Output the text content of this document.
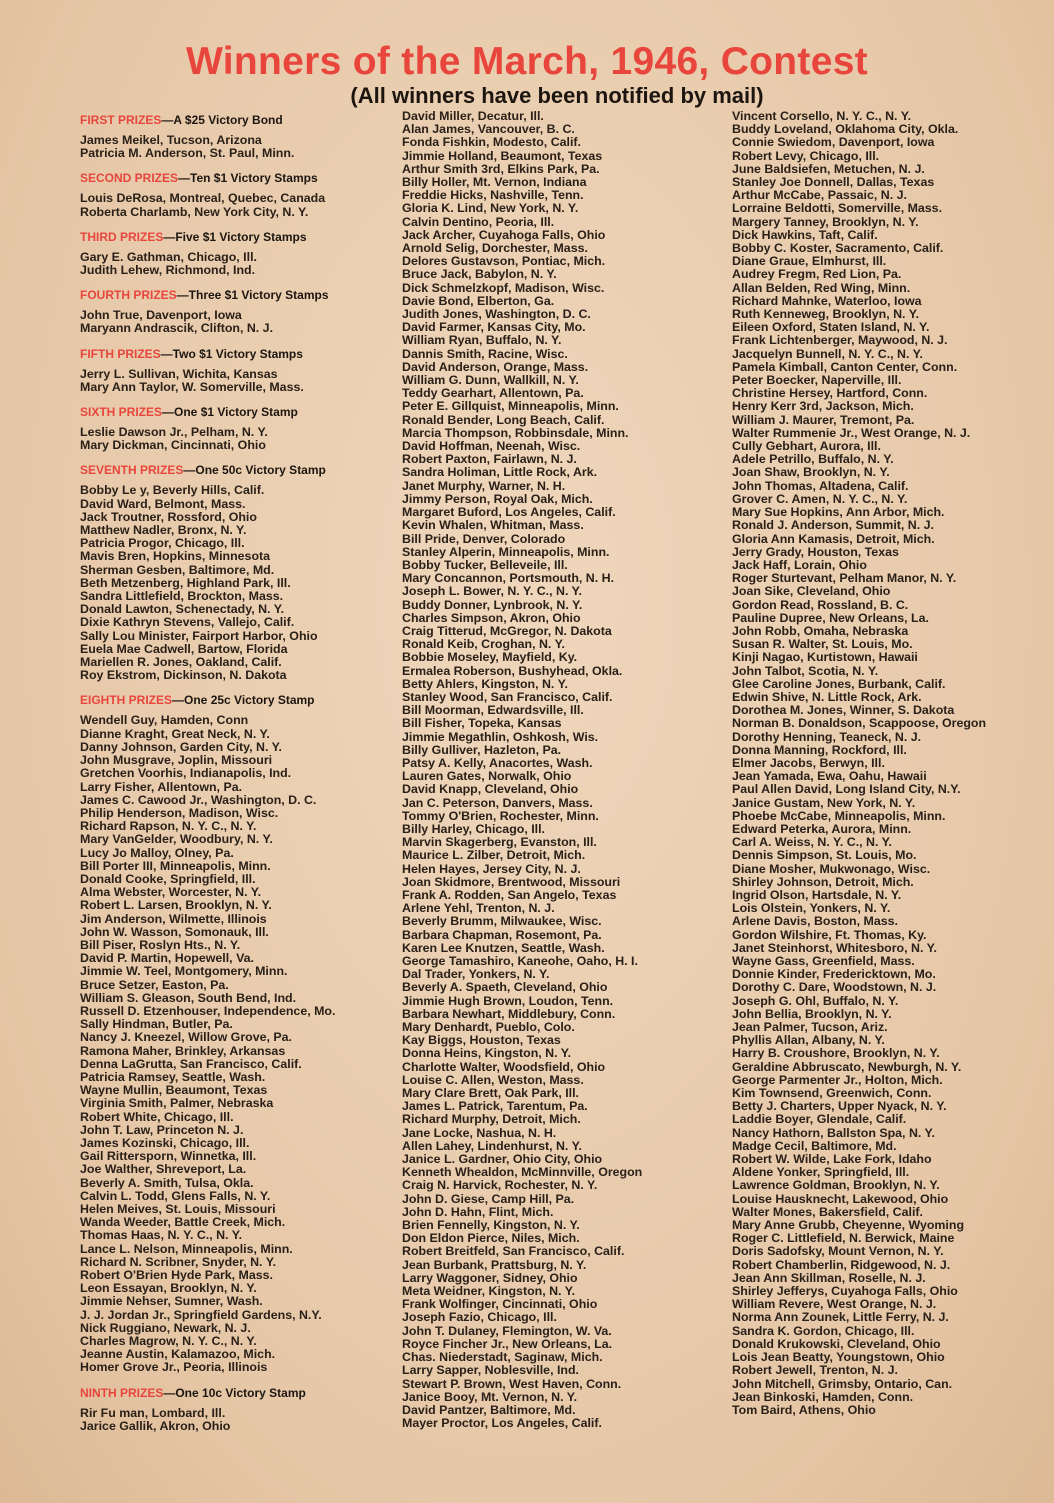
Winners of the March, 1946, Contest
(All winners have been notified by mail)
FIRST PRIZES—A $25 Victory Bond
James Meikel, Tucson, Arizona
Patricia M. Anderson, St. Paul, Minn.
SECOND PRIZES—Ten $1 Victory Stamps
Louis DeRosa, Montreal, Quebec, Canada
Roberta Charlamb, New York City, N. Y.
THIRD PRIZES—Five $1 Victory Stamps
Gary E. Gathman, Chicago, Ill.
Judith Lehew, Richmond, Ind.
FOURTH PRIZES—Three $1 Victory Stamps
John True, Davenport, Iowa
Maryann Andrascik, Clifton, N. J.
FIFTH PRIZES—Two $1 Victory Stamps
Jerry L. Sullivan, Wichita, Kansas
Mary Ann Taylor, W. Somerville, Mass.
SIXTH PRIZES—One $1 Victory Stamp
Leslie Dawson Jr., Pelham, N. Y.
Mary Dickman, Cincinnati, Ohio
SEVENTH PRIZES—One 50c Victory Stamp
Bobby Le y, Beverly Hills, Calif.
David Ward, Belmont, Mass.
Jack Troutner, Rossford, Ohio
Matthew Nadler, Bronx, N. Y.
Patricia Progor, Chicago, Ill.
Mavis Bren, Hopkins, Minnesota
Sherman Gesben, Baltimore, Md.
Beth Metzenberg, Highland Park, Ill.
Sandra Littlefield, Brockton, Mass.
Donald Lawton, Schenectady, N. Y.
Dixie Kathryn Stevens, Vallejo, Calif.
Sally Lou Minister, Fairport Harbor, Ohio
Euela Mae Cadwell, Bartow, Florida
Mariellen R. Jones, Oakland, Calif.
Roy Ekstrom, Dickinson, N. Dakota
EIGHTH PRIZES—One 25c Victory Stamp
Wendell Guy, Hamden, Conn
Dianne Kraght, Great Neck, N. Y.
Danny Johnson, Garden City, N. Y.
John Musgrave, Joplin, Missouri
Gretchen Voorhis, Indianapolis, Ind.
Larry Fisher, Allentown, Pa.
James C. Cawood Jr., Washington, D. C.
Philip Henderson, Madison, Wisc.
Richard Rapson, N. Y. C., N. Y.
Mary VanGelder, Woodbury, N. Y.
Lucy Jo Malloy, Olney, Pa.
Bill Porter III, Minneapolis, Minn.
Donald Cooke, Springfield, Ill.
Alma Webster, Worcester, N. Y.
Robert L. Larsen, Brooklyn, N. Y.
Jim Anderson, Wilmette, Illinois
John W. Wasson, Somonauk, Ill.
Bill Piser, Roslyn Hts., N. Y.
David P. Martin, Hopewell, Va.
Jimmie W. Teel, Montgomery, Minn.
Bruce Setzer, Easton, Pa.
William S. Gleason, South Bend, Ind.
Russell D. Etzenhouser, Independence, Mo.
Sally Hindman, Butler, Pa.
Nancy J. Kneezel, Willow Grove, Pa.
Ramona Maher, Brinkley, Arkansas
Denna LaGrutta, San Francisco, Calif.
Patricia Ramsey, Seattle, Wash.
Wayne Mullin, Beaumont, Texas
Virginia Smith, Palmer, Nebraska
Robert White, Chicago, Ill.
John T. Law, Princeton N. J.
James Kozinski, Chicago, Ill.
Gail Rittersporn, Winnetka, Ill.
Joe Walther, Shreveport, La.
Beverly A. Smith, Tulsa, Okla.
Calvin L. Todd, Glens Falls, N. Y.
Helen Meives, St. Louis, Missouri
Wanda Weeder, Battle Creek, Mich.
Thomas Haas, N. Y. C., N. Y.
Lance L. Nelson, Minneapolis, Minn.
Richard N. Scribner, Snyder, N. Y.
Robert O'Brien Hyde Park, Mass.
Leon Essayan, Brooklyn, N. Y.
Jimmie Nehser, Sumner, Wash.
J. J. Jordan Jr., Springfield Gardens, N.Y.
Nick Ruggiano, Newark, N. J.
Charles Magrow, N. Y. C., N. Y.
Jeanne Austin, Kalamazoo, Mich.
Homer Grove Jr., Peoria, Illinois
NINTH PRIZES—One 10c Victory Stamp
Rir Fu man, Lombard, Ill.
Jarice Gallik, Akron, Ohio
David Miller, Decatur, Ill.
Alan James, Vancouver, B. C.
Fonda Fishkin, Modesto, Calif.
Jimmie Holland, Beaumont, Texas
Arthur Smith 3rd, Elkins Park, Pa.
Billy Holler, Mt. Vernon, Indiana
Freddie Hicks, Nashville, Tenn.
Gloria K. Lind, New York, N. Y.
Calvin Dentino, Peoria, Ill.
Jack Archer, Cuyahoga Falls, Ohio
Arnold Selig, Dorchester, Mass.
Delores Gustavson, Pontiac, Mich.
Bruce Jack, Babylon, N. Y.
Dick Schmelzkopf, Madison, Wisc.
Davie Bond, Elberton, Ga.
Judith Jones, Washington, D. C.
David Farmer, Kansas City, Mo.
William Ryan, Buffalo, N. Y.
Dannis Smith, Racine, Wisc.
David Anderson, Orange, Mass.
William G. Dunn, Wallkill, N. Y.
Teddy Gearhart, Allentown, Pa.
Peter E. Gillquist, Minneapolis, Minn.
Ronald Bender, Long Beach, Calif.
Marcia Thompson, Robbinsdale, Minn.
David Hoffman, Neenah, Wisc.
Robert Paxton, Fairlawn, N. J.
Sandra Holiman, Little Rock, Ark.
Janet Murphy, Warner, N. H.
Jimmy Person, Royal Oak, Mich.
Margaret Buford, Los Angeles, Calif.
Kevin Whalen, Whitman, Mass.
Bill Pride, Denver, Colorado
Stanley Alperin, Minneapolis, Minn.
Bobby Tucker, Belleveile, Ill.
Mary Concannon, Portsmouth, N. H.
Joseph L. Bower, N. Y. C., N. Y.
Buddy Donner, Lynbrook, N. Y.
Charles Simpson, Akron, Ohio
Craig Titterud, McGregor, N. Dakota
Ronald Keib, Croghan, N. Y.
Bobbie Moseley, Mayfield, Ky.
Ermalea Roberson, Bushyhead, Okla.
Betty Ahlers, Kingston, N. Y.
Stanley Wood, San Francisco, Calif.
Bill Moorman, Edwardsville, Ill.
Bill Fisher, Topeka, Kansas
Jimmie Megathlin, Oshkosh, Wis.
Billy Gulliver, Hazleton, Pa.
Patsy A. Kelly, Anacortes, Wash.
Lauren Gates, Norwalk, Ohio
David Knapp, Cleveland, Ohio
Jan C. Peterson, Danvers, Mass.
Tommy O'Brien, Rochester, Minn.
Billy Harley, Chicago, Ill.
Marvin Skagerberg, Evanston, Ill.
Maurice L. Zilber, Detroit, Mich.
Helen Hayes, Jersey City, N. J.
Joan Skidmore, Brentwood, Missouri
Frank A. Rodden, San Angelo, Texas
Arlene Yehl, Trenton, N. J.
Beverly Brumm, Milwaukee, Wisc.
Barbara Chapman, Rosemont, Pa.
Karen Lee Knutzen, Seattle, Wash.
George Tamashiro, Kaneohe, Oaho, H. I.
Dal Trader, Yonkers, N. Y.
Beverly A. Spaeth, Cleveland, Ohio
Jimmie Hugh Brown, Loudon, Tenn.
Barbara Newhart, Middlebury, Conn.
Mary Denhardt, Pueblo, Colo.
Kay Biggs, Houston, Texas
Donna Heins, Kingston, N. Y.
Charlotte Walter, Woodsfield, Ohio
Louise C. Allen, Weston, Mass.
Mary Clare Brett, Oak Park, Ill.
James L. Patrick, Tarentum, Pa.
Richard Murphy, Detroit, Mich.
Jane Locke, Nashua, N. H.
Allen Lahey, Lindenhurst, N. Y.
Janice L. Gardner, Ohio City, Ohio
Kenneth Whealdon, McMinnville, Oregon
Craig N. Harvick, Rochester, N. Y.
John D. Giese, Camp Hill, Pa.
John D. Hahn, Flint, Mich.
Brien Fennelly, Kingston, N. Y.
Don Eldon Pierce, Niles, Mich.
Robert Breitfeld, San Francisco, Calif.
Jean Burbank, Prattsburg, N. Y.
Larry Waggoner, Sidney, Ohio
Meta Weidner, Kingston, N. Y.
Frank Wolfinger, Cincinnati, Ohio
Joseph Fazio, Chicago, Ill.
John T. Dulaney, Flemington, W. Va.
Royce Fincher Jr., New Orleans, La.
Chas. Niederstadt, Saginaw, Mich.
Larry Sapper, Noblesville, Ind.
Stewart P. Brown, West Haven, Conn.
Janice Booy, Mt. Vernon, N. Y.
David Pantzer, Baltimore, Md.
Mayer Proctor, Los Angeles, Calif.
Vincent Corsello, N. Y. C., N. Y.
Buddy Loveland, Oklahoma City, Okla.
Connie Swiedom, Davenport, Iowa
Robert Levy, Chicago, Ill.
June Baldsiefen, Metuchen, N. J.
Stanley Joe Donnell, Dallas, Texas
Arthur McCabe, Passaic, N. J.
Lorraine Beldotti, Somerville, Mass.
Margery Tanney, Brooklyn, N. Y.
Dick Hawkins, Taft, Calif.
Bobby C. Koster, Sacramento, Calif.
Diane Graue, Elmhurst, Ill.
Audrey Fregm, Red Lion, Pa.
Allan Belden, Red Wing, Minn.
Richard Mahnke, Waterloo, Iowa
Ruth Kenneweg, Brooklyn, N. Y.
Eileen Oxford, Staten Island, N. Y.
Frank Lichtenberger, Maywood, N. J.
Jacquelyn Bunnell, N. Y. C., N. Y.
Pamela Kimball, Canton Center, Conn.
Peter Boecker, Naperville, Ill.
Christine Hersey, Hartford, Conn.
Henry Kerr 3rd, Jackson, Mich.
William J. Maurer, Tremont, Pa.
Walter Rummenie Jr., West Orange, N. J.
Cully Gebhart, Aurora, Ill.
Adele Petrillo, Buffalo, N. Y.
Joan Shaw, Brooklyn, N. Y.
John Thomas, Altadena, Calif.
Grover C. Amen, N. Y. C., N. Y.
Mary Sue Hopkins, Ann Arbor, Mich.
Ronald J. Anderson, Summit, N. J.
Gloria Ann Kamasis, Detroit, Mich.
Jerry Grady, Houston, Texas
Jack Haff, Lorain, Ohio
Roger Sturtevant, Pelham Manor, N. Y.
Joan Sike, Cleveland, Ohio
Gordon Read, Rossland, B. C.
Pauline Dupree, New Orleans, La.
John Robb, Omaha, Nebraska
Susan R. Walter, St. Louis, Mo.
Kinji Nagao, Kurtistown, Hawaii
John Talbot, Scotia, N. Y.
Glee Caroline Jones, Burbank, Calif.
Edwin Shive, N. Little Rock, Ark.
Dorothea M. Jones, Winner, S. Dakota
Norman B. Donaldson, Scappoose, Oregon
Dorothy Henning, Teaneck, N. J.
Donna Manning, Rockford, Ill.
Elmer Jacobs, Berwyn, Ill.
Jean Yamada, Ewa, Oahu, Hawaii
Paul Allen David, Long Island City, N.Y.
Janice Gustam, New York, N. Y.
Phoebe McCabe, Minneapolis, Minn.
Edward Peterka, Aurora, Minn.
Carl A. Weiss, N. Y. C., N. Y.
Dennis Simpson, St. Louis, Mo.
Diane Mosher, Mukwonago, Wisc.
Shirley Johnson, Detroit, Mich.
Ingrid Olson, Hartsdale, N. Y.
Lois Olstein, Yonkers, N. Y.
Arlene Davis, Boston, Mass.
Gordon Wilshire, Ft. Thomas, Ky.
Janet Steinhorst, Whitesboro, N. Y.
Wayne Gass, Greenfield, Mass.
Donnie Kinder, Fredericktown, Mo.
Dorothy C. Dare, Woodstown, N. J.
Joseph G. Ohl, Buffalo, N. Y.
John Bellia, Brooklyn, N. Y.
Jean Palmer, Tucson, Ariz.
Phyllis Allan, Albany, N. Y.
Harry B. Croushore, Brooklyn, N. Y.
Geraldine Abbruscato, Newburgh, N. Y.
George Parmenter Jr., Holton, Mich.
Kim Townsend, Greenwich, Conn.
Betty J. Charters, Upper Nyack, N. Y.
Laddie Boyer, Glendale, Calif.
Nancy Hathorn, Ballston Spa, N. Y.
Madge Cecil, Baltimore, Md.
Robert W. Wilde, Lake Fork, Idaho
Aldene Yonker, Springfield, Ill.
Lawrence Goldman, Brooklyn, N. Y.
Louise Hausknecht, Lakewood, Ohio
Walter Mones, Bakersfield, Calif.
Mary Anne Grubb, Cheyenne, Wyoming
Roger C. Littlefield, N. Berwick, Maine
Doris Sadofsky, Mount Vernon, N. Y.
Robert Chamberlin, Ridgewood, N. J.
Jean Ann Skillman, Roselle, N. J.
Shirley Jefferys, Cuyahoga Falls, Ohio
William Revere, West Orange, N. J.
Norma Ann Zounek, Little Ferry, N. J.
Sandra K. Gordon, Chicago, Ill.
Donald Krukowski, Cleveland, Ohio
Lois Jean Beatty, Youngstown, Ohio
Robert Jewell, Trenton, N. J.
John Mitchell, Grimsby, Ontario, Can.
Jean Binkoski, Hamden, Conn.
Tom Baird, Athens, Ohio
